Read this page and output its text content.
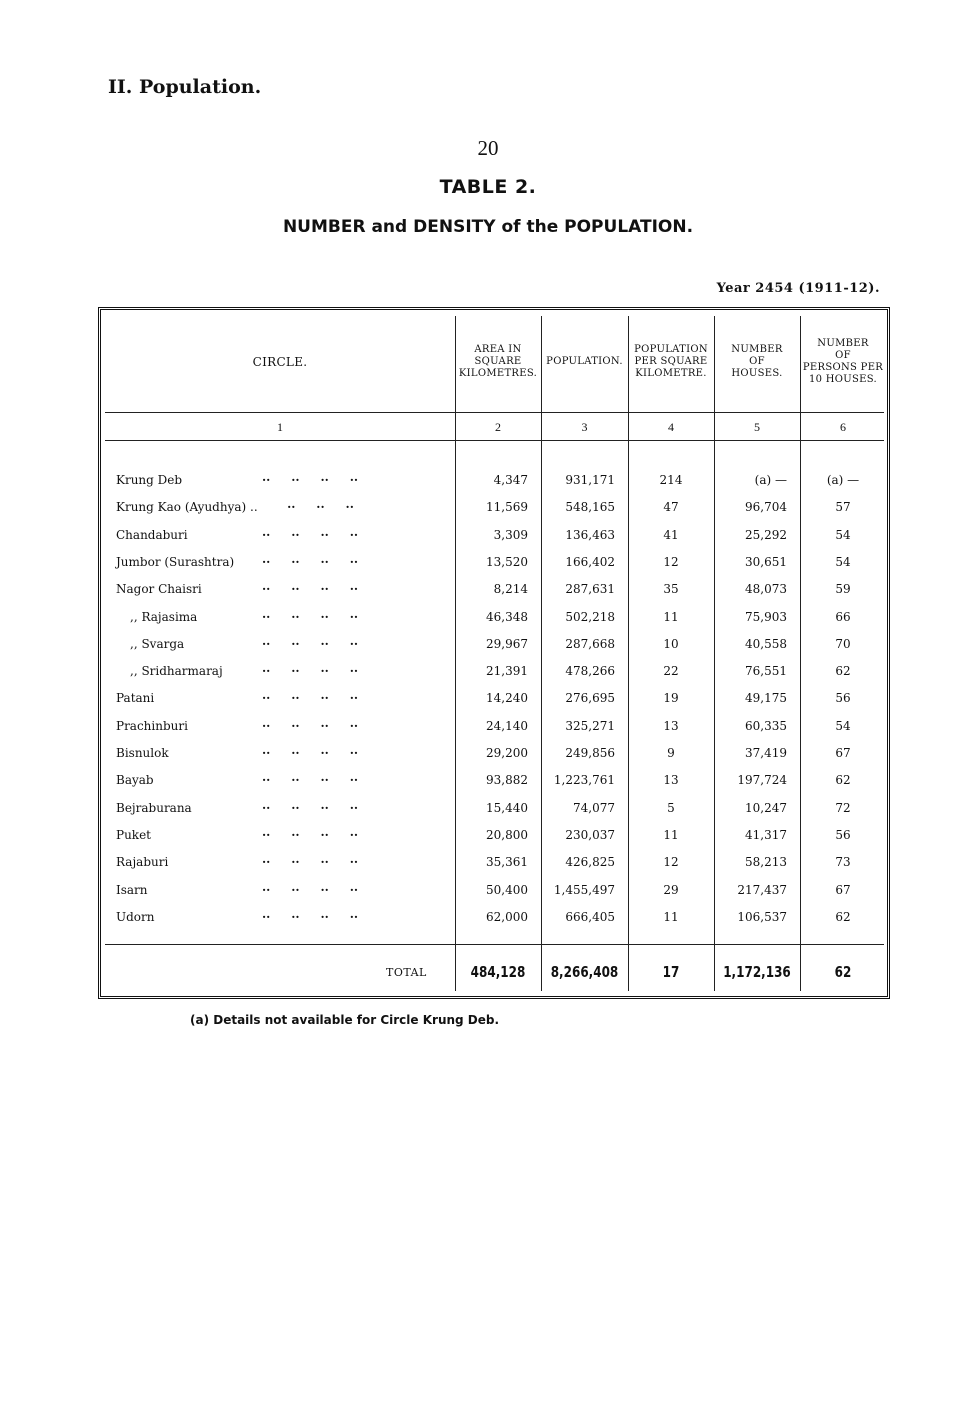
II. Population.
20
TABLE 2.
NUMBER and DENSITY of the POPULATION.
Year 2454 (1911-12).
CIRCLE.
AREA IN
SQUARE
KILOMETRES.
POPULATION.
POPULATION
PER SQUARE
KILOMETRE.
NUMBER
OF
HOUSES.
NUMBER
OF
PERSONS PER
10 HOUSES.
1	2	3	4	5	6
Krung Deb	..     ..     ..     ..	4,347	931,171	214	(a) —	(a) —
Krung Kao (Ayudhya) .. ..     ..     ..	11,569	548,165	47	96,704	57
Chandaburi	..     ..     ..     ..	3,309	136,463	41	25,292	54
Jumbor (Surashtra) ..     ..     ..     ..	13,520	166,402	12	30,651	54
Nagor Chaisri	..     ..     ..     ..	8,214	287,631	35	48,073	59
,, Rajasima	..     ..     ..     ..	46,348	502,218	11	75,903	66
,, Svarga	..     ..     ..     ..	29,967	287,668	10	40,558	70
,, Sridharmaraj	..     ..     ..     ..	21,391	478,266	22	76,551	62
Patani	..     ..     ..     ..	14,240	276,695	19	49,175	56
Prachinburi	..     ..     ..     ..	24,140	325,271	13	60,335	54
Bisnulok	..     ..     ..     ..	29,200	249,856	9	37,419	67
Bayab	..     ..     ..     ..	93,882	1,223,761	13	197,724	62
Bejraburana	..     ..     ..     ..	15,440	74,077	5	10,247	72
Puket	..     ..     ..     ..	20,800	230,037	11	41,317	56
Rajaburi	..     ..     ..     ..	35,361	426,825	12	58,213	73
Isarn	..     ..     ..     ..	50,400	1,455,497	29	217,437	67
Udorn	..     ..     ..     ..	62,000	666,405	11	106,537	62
TOTAL	484,128	8,266,408	17	1,172,136	62
(a) Details not available for Circle Krung Deb.
